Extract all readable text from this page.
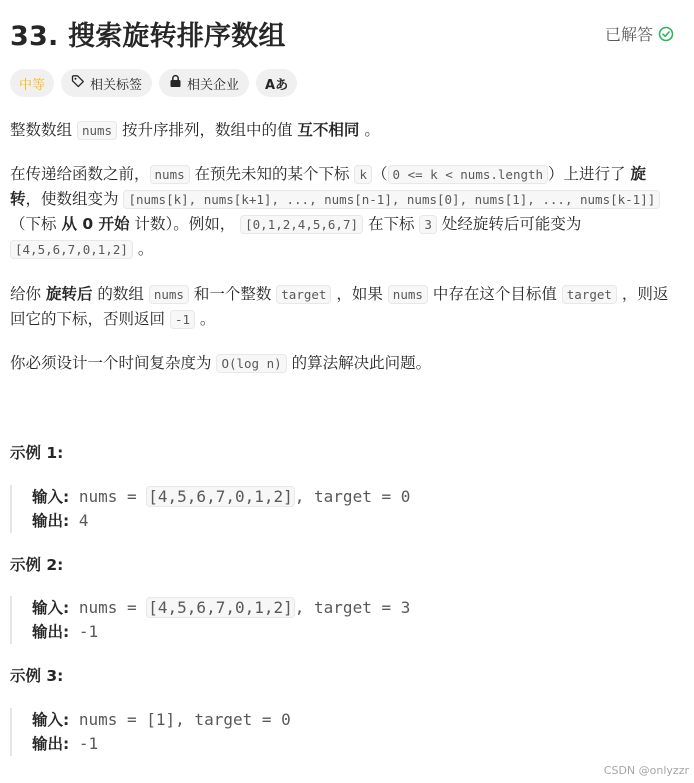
33. 搜索旋转排序数组	已解答
中等	相关标签	相关企业 Aあ
整数数组 nums 按升序排列，数组中的值 互不相同 。
在传递给函数之前， nums 在预先未知的某个下标 k （ 0 <= k < nums.length ）上进行了 旋转，使数组变为 [nums[k], nums[k+1], ..., nums[n-1], nums[0], nums[1], ..., nums[k-1]]（下标 从 0 开始 计数）。例如， [0,1,2,4,5,6,7] 在下标 3 处经旋转后可能变为 [4,5,6,7,0,1,2] 。
给你 旋转后 的数组 nums 和一个整数 target ，如果 nums 中存在这个目标值 target ，则返回它的下标，否则返回 -1 。
你必须设计一个时间复杂度为 O(log n) 的算法解决此问题。
示例 1:
输入: nums = [4,5,6,7,0,1,2] , target = 0
输出: 4
示例 2:
输入: nums = [4,5,6,7,0,1,2] , target = 3
输出: -1
示例 3:
输入: nums = [1], target = 0
输出: -1
CSDN @onlyzzr
